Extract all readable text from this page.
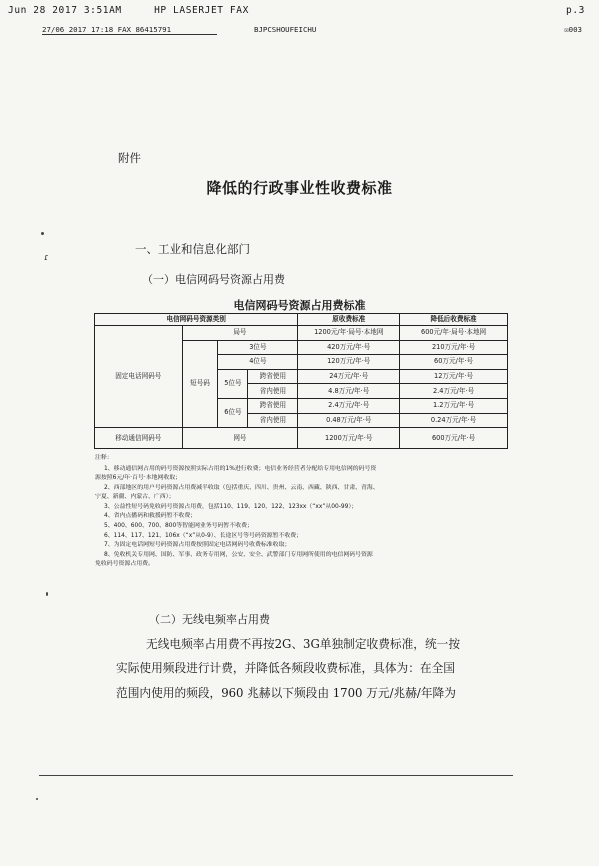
Jun 28 2017 3:51AM	HP LASERJET FAX	p.3
27/06 2017 17:18 FAX 86415791	BJPCSHOUFEICHU	☒003
附件
降低的行政事业性收费标准
一、工业和信息化部门
（一）电信网码号资源占用费
电信网码号资源占用费标准
电信网码号资源类别				原收费标准	降低后收费标准
固定电话网码号	局号			1200元/年·局号·本地网	600元/年·局号·本地网
	短号码	3位号		420万元/年·号	210万元/年·号
		4位号		120万元/年·号	60万元/年·号
		5位号	跨省使用	24万元/年·号	12万元/年·号
			省内使用	4.8万元/年·号	2.4万元/年·号
		6位号	跨省使用	2.4万元/年·号	1.2万元/年·号
			省内使用	0.48万元/年·号	0.24万元/年·号
移动通信网码号	网号			1200万元/年·号	600万元/年·号
注释：
1、移动通信网占用的码号资源按照实际占用的1%进行收费；电信业务经营者分配给专用电信网的码号资
源按照6元/年·百号·本地网收取；
2、西部地区的用户号码资源占用费减半收取（包括重庆、四川、贵州、云南、西藏、陕西、甘肃、青海、
宁夏、新疆、内蒙古、广西）；
3、公益性短号码免收码号资源占用费，包括110、119、120、122、123xx（“xx”从00-99）；
4、省内点播码和救援码暂不收费；
5、400、600、700、800等智能网业务号码暂不收费；
6、114、117、121、106x（“x”从0-9）、长途区号等号码资源暂不收费；
7、为固定电话网短号码资源占用费按照固定电话网码号收费标准收取；
8、免收机关专用网、国防、军事、政务专用网，公安、安全、武警部门专用网所使用的电信网码号资源
免收码号资源占用费。
（二）无线电频率占用费
无线电频率占用费不再按2G、3G单独制定收费标准，统一按
实际使用频段进行计费，并降低各频段收费标准，具体为：在全国
范围内使用的频段，960 兆赫以下频段由 1700 万元/兆赫/年降为
ɾ
